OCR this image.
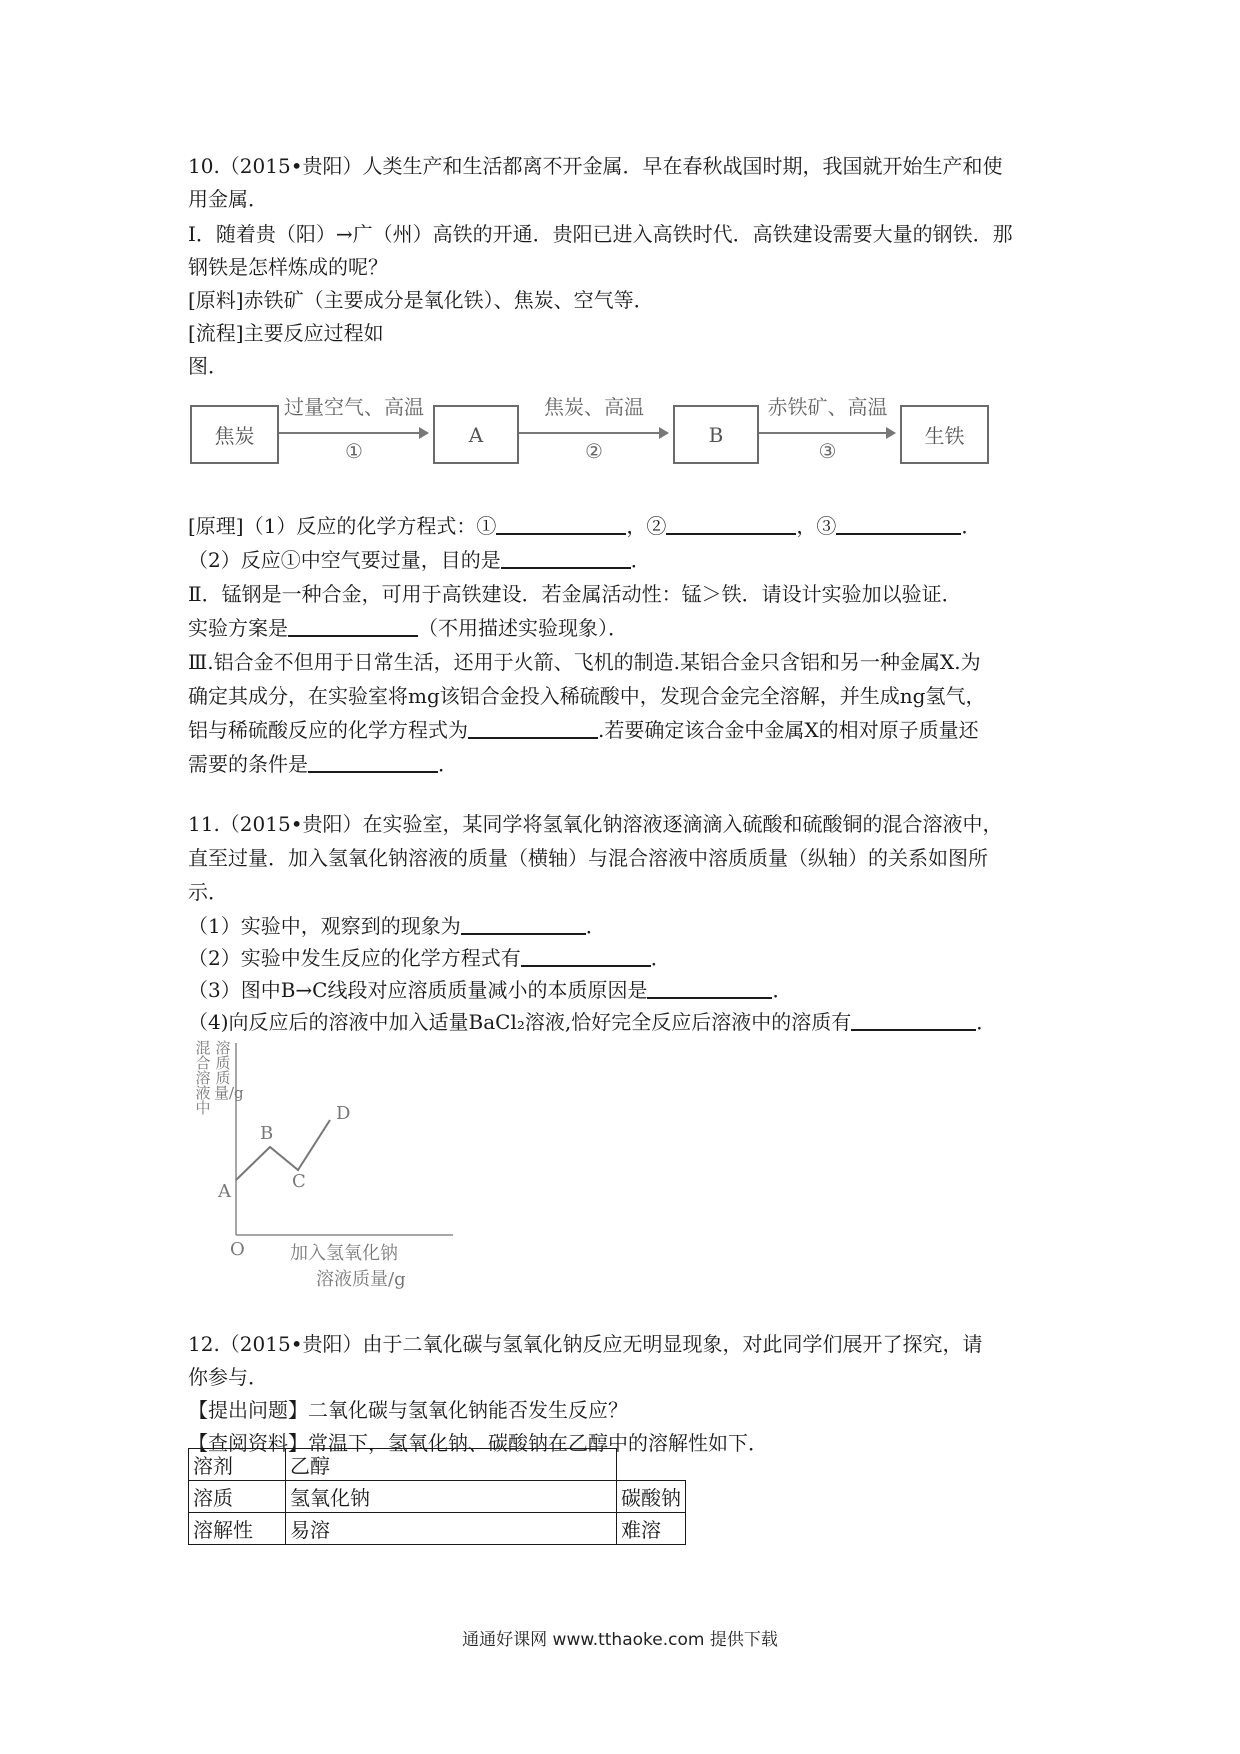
10.（2015•贵阳）人类生产和生活都离不开金属．早在春秋战国时期，我国就开始生产和使
用金属．
Ⅰ．随着贵（阳）→广（州）高铁的开通．贵阳已进入高铁时代．高铁建设需要大量的钢铁．那
钢铁是怎样炼成的呢？
[原料]赤铁矿（主要成分是氧化铁）、焦炭、空气等．
[流程]主要反应过程如
图．
焦炭
过量空气、高温
①
A
焦炭、高温
②
B
赤铁矿、高温
③
生铁
[原理]（1）反应的化学方程式：①	，②	，③	．
（2）反应①中空气要过量，目的是	．
Ⅱ．锰钢是一种合金，可用于高铁建设．若金属活动性：锰＞铁．请设计实验加以验证．
实验方案是	（不用描述实验现象）．
Ⅲ.铝合金不但用于日常生活，还用于火箭、飞机的制造.某铝合金只含铝和另一种金属X.为
确定其成分，在实验室将mg该铝合金投入稀硫酸中，发现合金完全溶解，并生成ng氢气，
铝与稀硫酸反应的化学方程式为	.若要确定该合金中金属X的相对原子质量还
需要的条件是	．
11.（2015•贵阳）在实验室，某同学将氢氧化钠溶液逐滴滴入硫酸和硫酸铜的混合溶液中，
直至过量．加入氢氧化钠溶液的质量（横轴）与混合溶液中溶质质量（纵轴）的关系如图所
示．
（1）实验中，观察到的现象为	．
（2）实验中发生反应的化学方程式有	．
（3）图中B→C线段对应溶质质量减小的本质原因是	．
（4)向反应后的溶液中加入适量BaCl₂溶液,恰好完全反应后溶液中的溶质有	．
混合溶液中
溶质质量/g
O
A
B
C
D
加入氢氧化钠
溶液质量/g
12.（2015•贵阳）由于二氧化碳与氢氧化钠反应无明显现象，对此同学们展开了探究，请
你参与．
【提出问题】二氧化碳与氢氧化钠能否发生反应？
【查阅资料】常温下，氢氧化钠、碳酸钠在乙醇中的溶解性如下．
溶剂	乙醇	
溶质	氢氧化钠	碳酸钠
溶解性	易溶	难溶
通通好课网 www.tthaoke.com 提供下载
